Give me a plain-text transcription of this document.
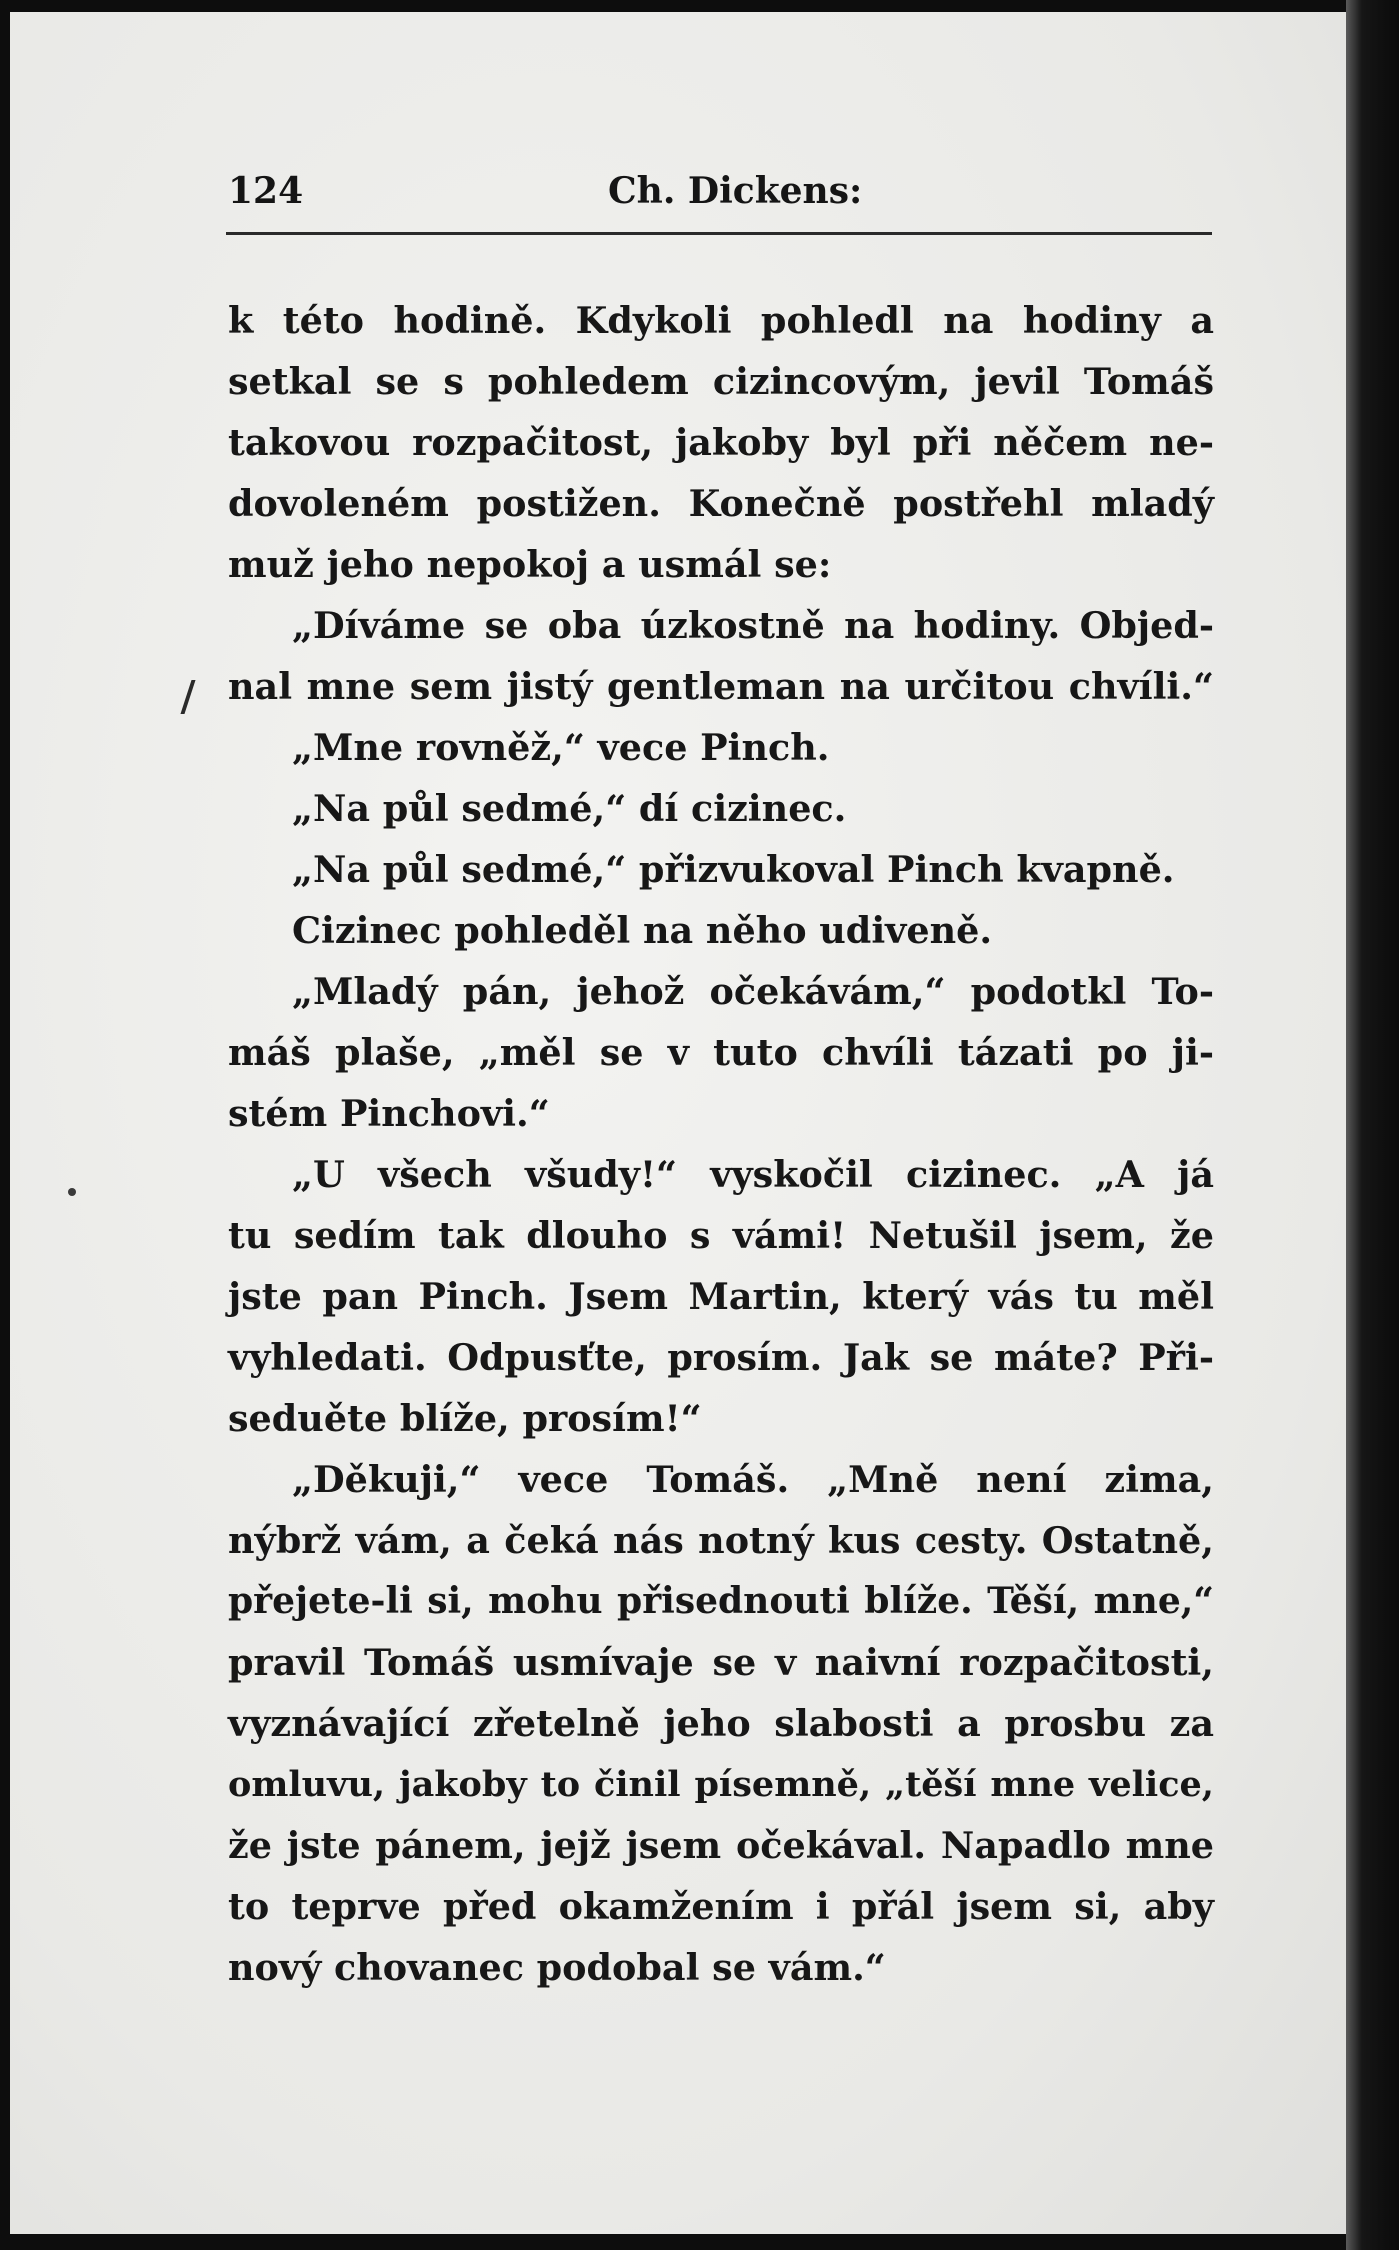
124	Ch. Dickens:
k této hodině. Kdykoli pohledl na hodiny a
setkal se s pohledem cizincovým, jevil Tomáš
takovou rozpačitost, jakoby byl při něčem ne-
dovoleném postižen. Konečně postřehl mladý
muž jeho nepokoj a usmál se:
„Díváme se oba úzkostně na hodiny. Objed-
nal mne sem jistý gentleman na určitou chvíli.“
„Mne rovněž,“ vece Pinch.
„Na půl sedmé,“ dí cizinec.
„Na půl sedmé,“ přizvukoval Pinch kvapně.
Cizinec pohleděl na něho udiveně.
„Mladý pán, jehož očekávám,“ podotkl To-
máš plaše, „měl se v tuto chvíli tázati po ji-
stém Pinchovi.“
„U všech všudy!“ vyskočil cizinec. „A já
tu sedím tak dlouho s vámi! Netušil jsem, že
jste pan Pinch. Jsem Martin, který vás tu měl
vyhledati. Odpusťte, prosím. Jak se máte? Při-
seduěte blíže, prosím!“
„Děkuji,“ vece Tomáš. „Mně není zima,
nýbrž vám, a čeká nás notný kus cesty. Ostatně,
přejete-li si, mohu přisednouti blíže. Těší, mne,“
pravil Tomáš usmívaje se v naivní rozpačitosti,
vyznávající zřetelně jeho slabosti a prosbu za
omluvu, jakoby to činil písemně, „těší mne velice,
že jste pánem, jejž jsem očekával. Napadlo mne
to teprve před okamžením i přál jsem si, aby
nový chovanec podobal se vám.“
